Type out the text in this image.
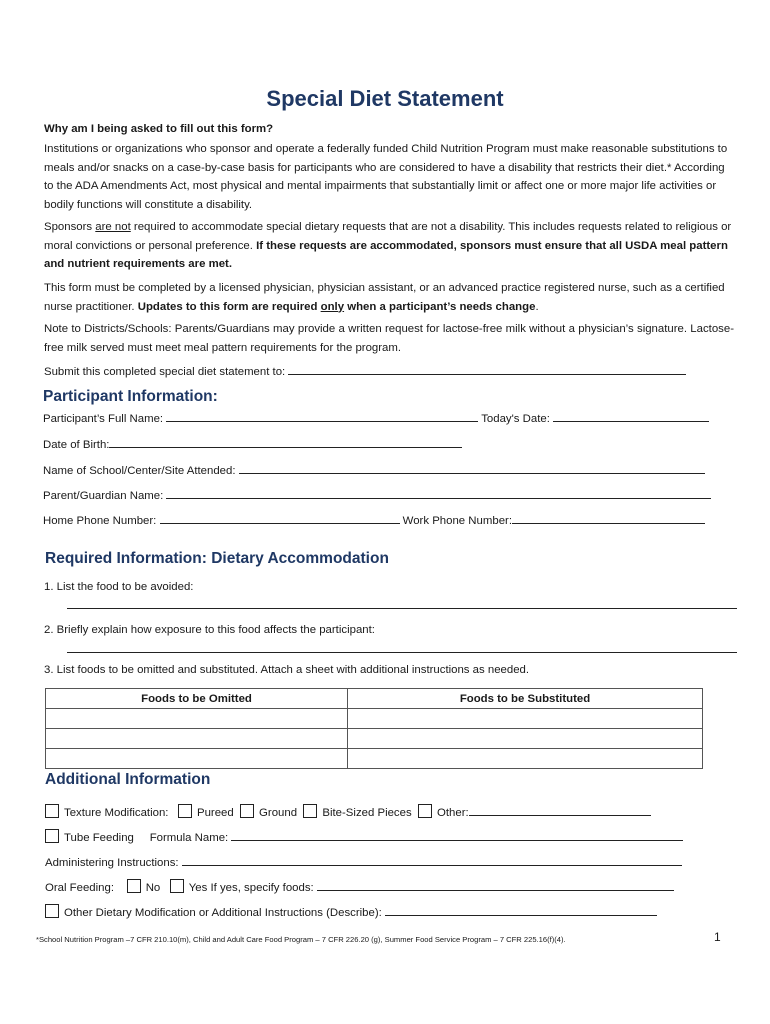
Special Diet Statement
Why am I being asked to fill out this form?
Institutions or organizations who sponsor and operate a federally funded Child Nutrition Program must make reasonable substitutions to meals and/or snacks on a case-by-case basis for participants who are considered to have a disability that restricts their diet.* According to the ADA Amendments Act, most physical and mental impairments that substantially limit or affect one or more major life activities or bodily functions will constitute a disability.
Sponsors are not required to accommodate special dietary requests that are not a disability. This includes requests related to religious or moral convictions or personal preference. If these requests are accommodated, sponsors must ensure that all USDA meal pattern and nutrient requirements are met.
This form must be completed by a licensed physician, physician assistant, or an advanced practice registered nurse, such as a certified nurse practitioner. Updates to this form are required only when a participant’s needs change.
Note to Districts/Schools: Parents/Guardians may provide a written request for lactose-free milk without a physician’s signature. Lactose-free milk served must meet meal pattern requirements for the program.
Submit this completed special diet statement to:
Participant Information:
Participant’s Full Name:	Today's Date:
Date of Birth:
Name of School/Center/Site Attended:
Parent/Guardian Name:
Home Phone Number:	Work Phone Number:
Required Information: Dietary Accommodation
1. List the food to be avoided:
2. Briefly explain how exposure to this food affects the participant:
3. List foods to be omitted and substituted. Attach a sheet with additional instructions as needed.
Foods to be Omitted	Foods to be Substituted

Additional Information
Texture Modification:	Pureed Ground Bite-Sized Pieces Other:
Tube Feeding Formula Name:
Administering Instructions:
Oral Feeding:	No	Yes If yes, specify foods:
Other Dietary Modification or Additional Instructions (Describe):
*School Nutrition Program –7 CFR 210.10(m), Child and Adult Care Food Program – 7 CFR 226.20 (g), Summer Food Service Program – 7 CFR 225.16(f)(4).	1
